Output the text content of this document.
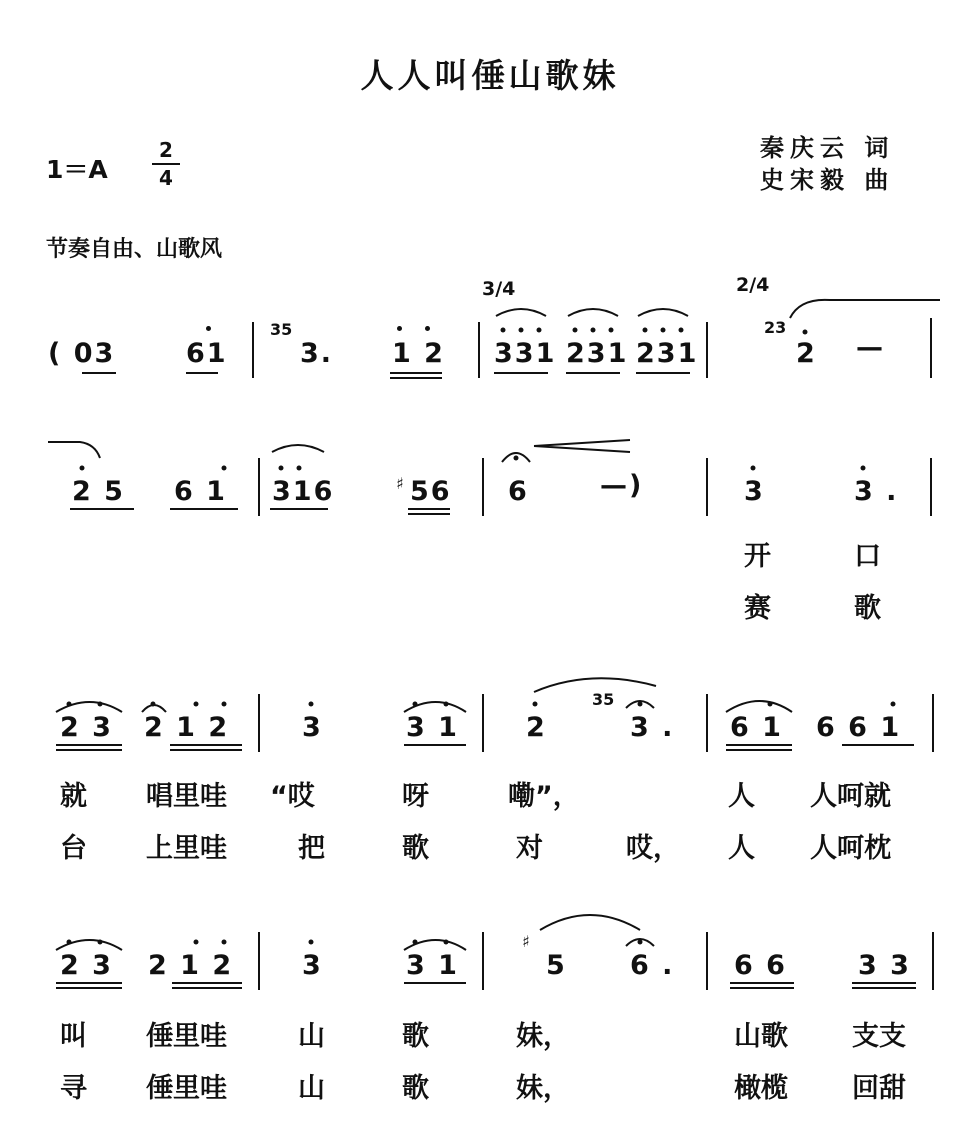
人人叫倕山歌妹
1＝A
2
4
秦庆云 词
史宋毅 曲
节奏自由、山歌风
3/4	2/4
( 03	61
35
3. 1 2 331 231 231
23
2 —
2 5 6 1 316	♯ 56 6	—)	3	3 .
开	口
赛	歌
2 3 2 1 2	3	3 1 2
35
3 . 6 1 6 6 1
就 唱里哇 “哎	呀	嘞”，	人 人呵就
台 上里哇	把	歌	对	哎， 人 人呵枕
2 3 2 1 2	3	3 1
♯
5 6 . 6 6	3 3
叫 倕里哇	山	歌	妹，	山歌 支支
寻 倕里哇	山	歌	妹，	橄榄 回甜
